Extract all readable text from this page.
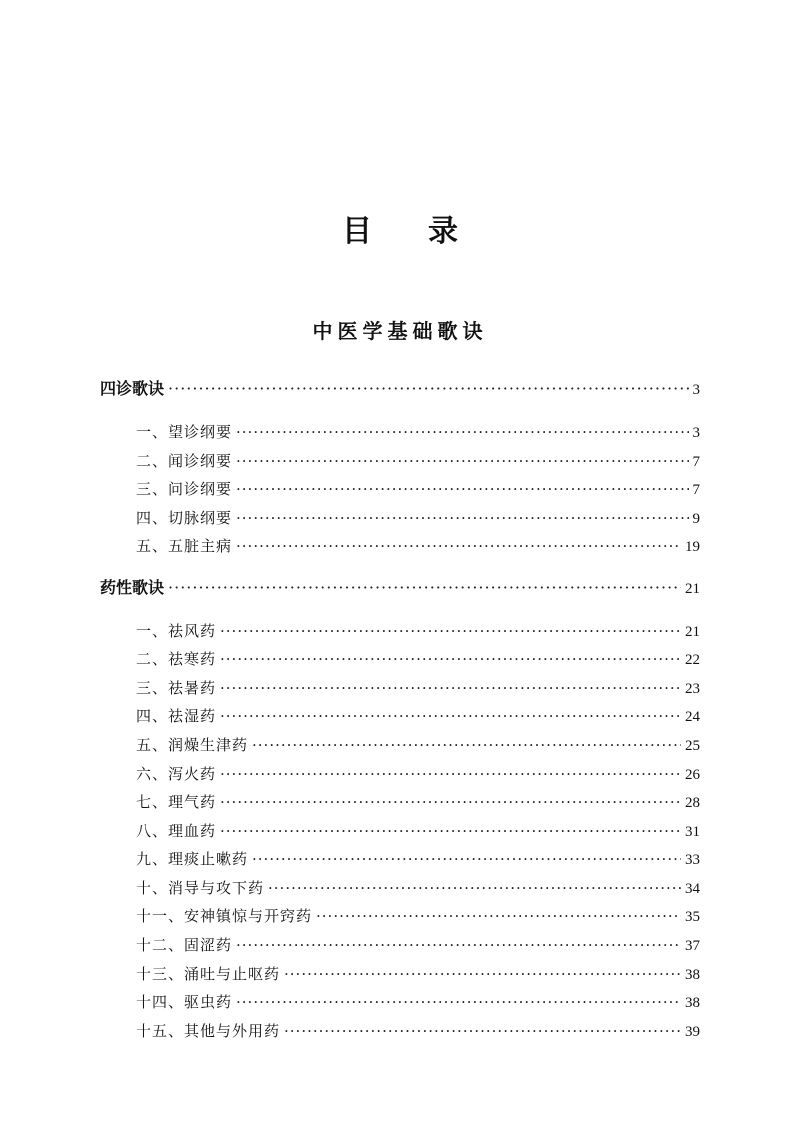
目录
中医学基础歌诀
四诊歌诀 ·····	3
一、望诊纲要 ·····	3
二、闻诊纲要 ·····	7
三、问诊纲要 ·····	7
四、切脉纲要 ·····	9
五、五脏主病 ·····	19
药性歌诀 ·····	21
一、祛风药 ·····	21
二、祛寒药 ·····	22
三、祛暑药 ·····	23
四、祛湿药 ·····	24
五、润燥生津药 ·····	25
六、泻火药 ·····	26
七、理气药 ·····	28
八、理血药 ·····	31
九、理痰止嗽药 ·····	33
十、消导与攻下药 ·····	34
十一、安神镇惊与开窍药 ·····	35
十二、固涩药 ·····	37
十三、涌吐与止呕药 ·····	38
十四、驱虫药 ·····	38
十五、其他与外用药 ·····	39
